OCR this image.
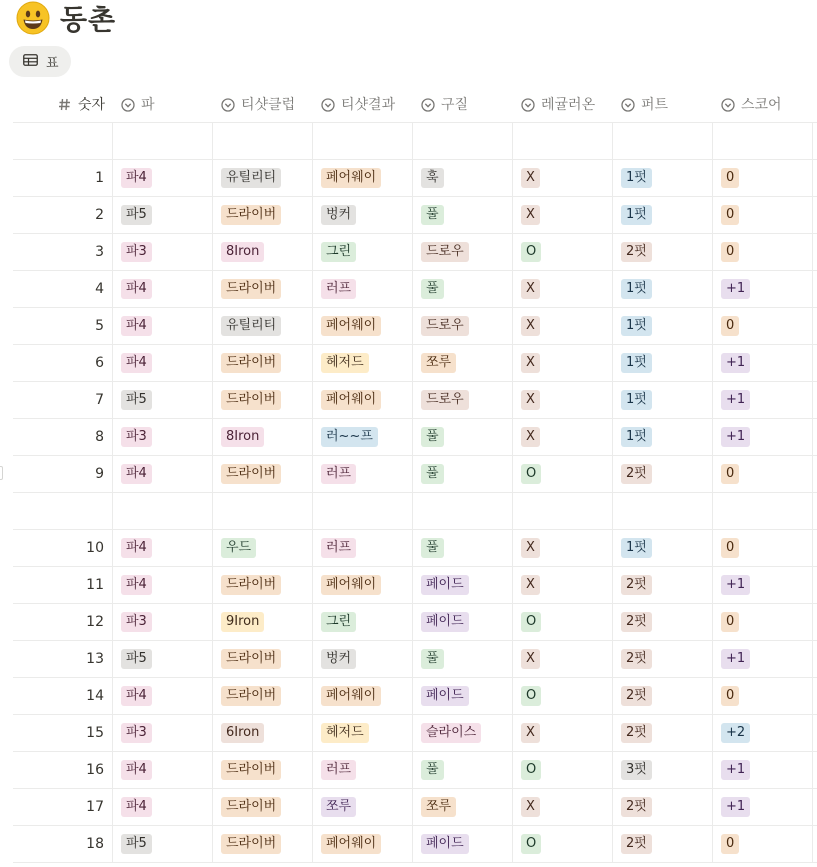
동촌
표
숫자	파	티샷클럽	티샷결과	구질	레귤러온	퍼트	스코어
1	파4	유틸리티	페어웨이	훅	X	1펏	0
2	파5	드라이버	벙커	풀	X	1펏	0
3	파3	8Iron	그린	드로우	O	2펏	0
4	파4	드라이버	러프	풀	X	1펏	+1
5	파4	유틸리티	페어웨이	드로우	X	1펏	0
6	파4	드라이버	헤저드	쪼루	X	1펏	+1
7	파5	드라이버	페어웨이	드로우	X	1펏	+1
8	파3	8Iron	러~~프	풀	X	1펏	+1
9	파4	드라이버	러프	풀	O	2펏	0
10	파4	우드	러프	풀	X	1펏	0
11	파4	드라이버	페어웨이	페이드	X	2펏	+1
12	파3	9Iron	그린	페이드	O	2펏	0
13	파5	드라이버	벙커	풀	X	2펏	+1
14	파4	드라이버	페어웨이	페이드	O	2펏	0
15	파3	6Iron	헤저드	슬라이스	X	2펏	+2
16	파4	드라이버	러프	풀	O	3펏	+1
17	파4	드라이버	쪼루	쪼루	X	2펏	+1
18	파5	드라이버	페어웨이	페이드	O	2펏	0
